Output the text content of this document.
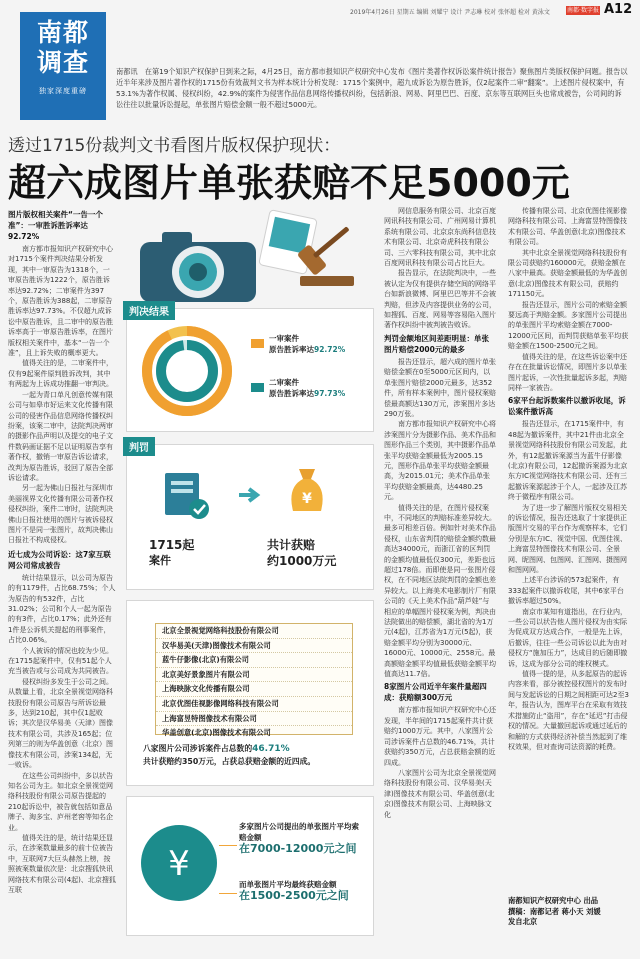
2019年4月26日 星期五 编辑 刘耀宁 设计 尹志琳 校对 张怀超 检对 黄泳文	南都·数字报 A12
南都
调查
独家深度重磅
南都讯　在第19个知识产权保护日到来之际，4月25日，南方都市报知识产权研究中心发布《图片类著作权诉讼案件统计报告》聚焦图片类版权保护问题。报告以近半年来涉及图片著作权的1715份有效裁判文书为样本统计分析发现：1715个案例中，超九成诉讼为原告胜诉，仅2起案件二审“翻案”。上述图片侵权案中，有53.1%为著作权属、侵权纠纷，42.9%的案件为侵害作品信息网络传播权纠纷，包括新浪、网易、阿里巴巴、百度、京东等互联网巨头也常成被告，公司间的诉讼往往以批量诉讼提起，单张图片赔偿金额一般不超过5000元。
透过1715份裁判文书看图片版权保护现状：
超六成图片单张获赔不足5000元
图片版权相关案件“一告一个准”：一审胜诉胜诉率达92.72%

南方都市报知识产权研究中心对1715个案件判决结果分析发现，其中一审原告为1318个，一审原告胜诉为1222个，原告胜诉率达92.72%；二审案件为397个，原告胜诉为388起，二审原告胜诉率达97.73%。不仅超九成诉讼中原告胜诉，且二审中的原告胜诉率高于一审原告胜诉率，在图片版权相关案件中，基本“一告一个准”，且上诉失败的概率更大。

值得关注的是，二审案件中，仅有9起案件原判胜诉改判，其中有两起为上诉成功推翻一审判决。

一起为青口单凡创意传媒有限公司与如皋市好运来文化传播有限公司的侵害作品信息网络传播权纠纷案，该案二审中，法院判决两审的摄影作品声明以及提交的电子文件数码画证据不足以证明原告享有著作权，撤销一审原告诉讼请求，改判为原告胜诉，驳回了原告全部诉讼请求。

另一起为佛山日报社与深圳市美丽视界文化传播有限公司著作权侵权纠纷，案件二审时，法院判决佛山日报社使用的图片与被诉侵权图片不是同一张图片，故判决佛山日报社不构成侵权。

近七成为公司诉讼：这7家互联网公司常成被告

统计结果显示，以公司为原告的有1179件，占比68.75%；个人为原告的有532件，占比31.02%；公司和个人一起为原告的有3件，占比0.17%；此外还有1件是公诉机关提起的刑事案件，占比0.06%。

个人被诉的情况也较为少见。在1715起案件中，仅有51起个人充当被告或与公司成为共同被告。

侵权纠纷多发生于公司之间。从数量上看，北京全景视觉网络科技股份有限公司原告与所诉讼最多，达到210起，其中仅1起败诉；其次是汉华易美（天津）图像技术有限公司，共涉及165起；位列第三的则为华盖创意（北京）图像技术有限公司，涉案134起，无一败诉。

在这些公司纠纷中，多以状告知名公司为主。如北京全景视觉网络科技股份有限公司原告提起的210起诉讼中，被告就包括如意品牌子、淘多宝、庐州老窖等知名企业。

值得关注的是，统计结果还显示，在涉案数量最多的前十位被告中，互联网7大巨头赫然上榜，按照被案数量依次是：北京搜狐快讯网络技术有限公司(4起)、北京搜狐互联

判决结果
一审案件
原告胜诉率达92.72%
二审案件
原告胜诉率达97.73%
判罚
¥
1715起
案件
共计获赔
约1000万元
北京全景视觉网络科技股份有限公司
汉华易美(天津)图像技术有限公司
蓝牛仔影像(北京)有限公司
北京美好景象图片有限公司
上海映脉文化传播有限公司
北京优图佳视影像网络科技有限公司
上海富昱特图像技术有限公司
华盖创意(北京)图像技术有限公司
八家图片公司涉诉案件占总数的46.71%
共计获赔约350万元，占获总获赔金额的近四成。
¥
多家图片公司提出的单张图片平均索赔金额
在7000-12000元之间
而单张图片平均最终获赔金额
在1500-2500元之间

网信息服务有限公司、北京百度网讯科技有限公司、广州网易计算机系统有限公司、北京京东尚科信息技术有限公司、北京奇虎科技有限公司、三六零科技有限公司，其中北京百度网讯科技有限公司占比巨大。

报告显示，在法院判决中，一些被认定为仅有提供存储空间的网络平台如新浪微博、阿里巴巴等并不会被判赔，但涉及内容提供业务的公司，如搜狐、百度、网易等容易陷入图片著作权纠纷中被判被告败诉。

判罚金额地区间差距明显：单张图片赔偿2000元的最多

报告还显示，超六成的图片单张赔偿金额在0至5000元区间内，以单张图片赔偿2000元最多，达352件，所有样本案例中，图片侵权案赔偿最高额达130万元，涉案图片多达290万张。

南方都市报知识产权研究中心将涉案图片分为摄影作品、美术作品和图形作品三个类别，其中摄影作品单张平均获赔金额最低为2005.15元，图形作品单张平均获赔金额最高，为2015.01元；美术作品单张平均获赔金额最高，达4480.25元。

值得关注的是，在图片侵权案中，不同地区的判赔标准差异较大。最多可相差百倍。例如针对美术作品侵权，山东省判罚的赔偿金额约数最高达34000元，而浙江省的区判罚的金额均值最低仅300元，差距也远超过178倍。而即使是同一张图片侵权，在不同地区法院判罚的金额也差异较大。以上海美术电影制片厂有限公司的《天上美术作品“葫芦娃”与相应的单幅图片侵权案为例，判决由法院做出的赔偿额，湖北省的为1万元(4起)，江苏省为1万元(5起)，获赔金额平均分别为30000元、16000元、10000元、2558元。最高额赔金额平均值最低获赔金额平均值高达11.7倍。

8家图片公司近半年案件量超四成：获赔额300万元

南方都市报知识产权研究中心还发现，半年间的1715起案件共计获赔约1000万元。其中，八家图片公司涉诉案件占总数的46.71%，共计获赔约350万元，占总获赔金额的近四成。

八家图片公司为北京全景视觉网络科技股份有限公司、汉华易美(天津)图像技术有限公司、华盖创意(北京)图像技术有限公司、上海映脉文化

传播有限公司、北京优图佳视影像网络科技有限公司、上海富昱特图像技术有限公司、华盖创意(北京)图像技术有限公司。

其中北京全景视觉网络科技股份有限公司获赔约160000元，获赔金额在八家中最高。获赔金额最低的为华盖创意(北京)图像技术有限公司，获赔约171150元。

报告还显示，图片公司的索赔金额要远高于判赔金额。多家图片公司提出的单张图片平均索赔金额在7000-12000元区间，而判罚获赔单张平均获赔金额在1500-2500元之间。

值得关注的是，在这些诉讼案中还存在在批量诉讼情况，即图片多以单张图片起诉，一次性批量起诉多起，判赔同样一家被告。

6家平台起诉数案件以撤诉收尾，诉讼案件撤诉高

报告还显示，在1715案件中，有48起为撤诉案件，其中21件由北京全景视觉网络科技股份有限公司发起，此外，有12起撤诉案源当为蓝牛仔影像(北京)有限公司，12起撤诉案源为北京东方IC视觉网络技术有限公司、还有三起撤诉案源起涉于个人，一起涉及江苏终于微程序有限公司。

为了进一步了解图片版权交易相关的诉讼情况，报告还选取了十家提供正版图片交易的平台作为观察样本，它们分别是东方IC、视觉中国、优图佳视、上海富昱特图像技术有限公司、全景网、昵图网、包图网、汇图网、摄图网和图网网。

上述平台涉诉的573起案件，有333起案件以撤诉收尾，其中6家平台撤诉率超过50%。

南京市某知有道指出，在行业内，一些公司以状告他人图片侵权为由实际为促成双方达成合作，一般是先上诉，后撤诉，往往一些公司诉讼以此为由对侵权方“施加压力”，达成目的后随即撤诉，这成为部分公司的维权模式。

值得一提的是，从多起原告的起诉内容来看，部分被控侵权图片的发布时间与发起诉讼的日期之间相距可达2至3年，报告认为，图库平台在采取有效技术措施防止“盗用”，存在“延迟”打击侵权的情况。大量撤回起诉或通过延后的和解的方式获得经济补偿当然起到了维权效果，但对查询司法资源的耗费。

南都知识产权研究中心 出品
撰稿：南都记者 蒋小天 刘媛
发自北京
